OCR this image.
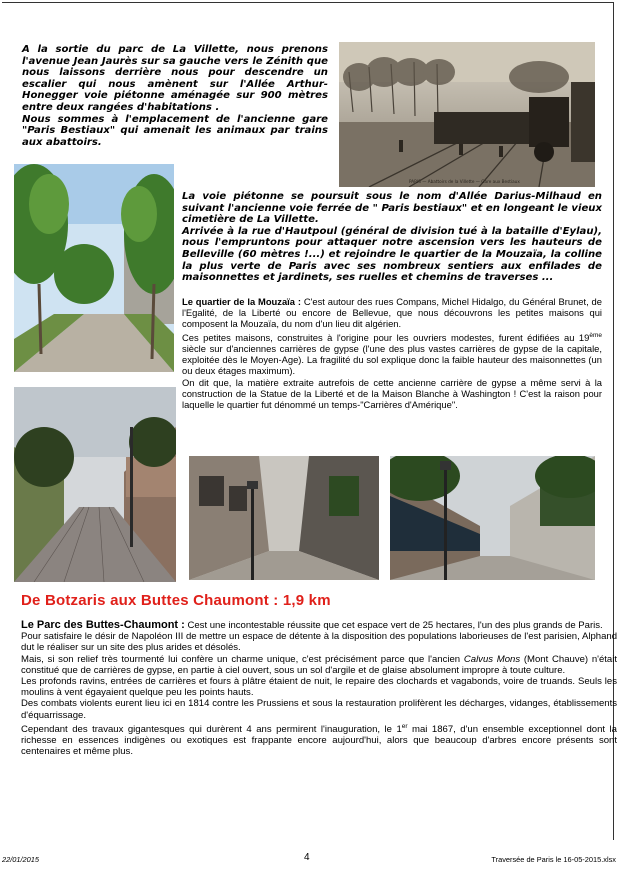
A la sortie du parc de La Villette, nous prenons l'avenue Jean Jaurès sur sa gauche vers le Zénith que nous laissons derrière nous pour descendre un escalier qui nous amènent sur l'Allée Arthur-Honegger voie piétonne aménagée sur 900 mètres entre deux rangées d'habitations .
Nous sommes à l'emplacement de l'ancienne gare "Paris Bestiaux" qui amenait les animaux par trains aux abattoirs.
PARIS — Abattoirs de la Villette — Gare aux Bestiaux
La voie piétonne se poursuit sous le nom d'Allée Darius-Milhaud en suivant l'ancienne voie ferrée de " Paris bestiaux" et en longeant le vieux cimetière de La Villette.
Arrivée à la rue d'Hautpoul (général de division tué à la bataille d'Eylau), nous l'empruntons pour attaquer notre ascension vers les hauteurs de Belleville (60 mètres !...) et rejoindre le quartier de la Mouzaïa, la colline la plus verte de Paris avec ses nombreux sentiers aux enfilades de maisonnettes et jardinets, ses ruelles et chemins de traverses ...
Le quartier de la Mouzaïa : C'est autour des rues Compans, Michel Hidalgo, du Général Brunet, de l'Egalité, de la Liberté ou encore de Bellevue, que nous découvrons les petites maisons qui composent la Mouzaïa, du nom d'un lieu dit algérien.
Ces petites maisons, construites à l'origine pour les ouvriers modestes, furent édifiées au 19ème siècle sur d'anciennes carrières de gypse (l'une des plus vastes carrières de gypse de la capitale, exploitée dès le Moyen-Age). La fragilité du sol explique donc la faible hauteur des maisonnettes (un ou deux étages maximum).
On dit que, la matière extraite autrefois de cette ancienne carrière de gypse a même servi à la construction de la Statue de la Liberté et de la Maison Blanche à Washington ! C'est la raison pour laquelle le quartier fut dénommé un temps-"Carrières d'Amérique".
De Botzaris aux Buttes Chaumont : 1,9 km
Le Parc des Buttes-Chaumont : Cest une incontestable réussite que cet espace vert de 25 hectares, l'un des plus grands de Paris.
Pour satisfaire le désir de Napoléon III de mettre un espace de détente à la disposition des populations laborieuses de l'est parisien, Alphand dut le réaliser sur un site des plus arides et désolés.
Mais, si son relief très tourmenté lui confère un charme unique, c'est précisément parce que l'ancien Calvus Mons (Mont Chauve) n'était constitué que de carrières de gypse, en partie à ciel ouvert, sous un sol d'argile et de glaise absolument impropre à toute culture.
Les profonds ravins, entrées de carrières et fours à plâtre étaient de nuit, le repaire des clochards et vagabonds, voire de truands. Seuls les moulins à vent égayaient quelque peu les points hauts.
Des combats violents eurent lieu ici en 1814 contre les Prussiens et sous la restauration prolifèrent les décharges, vidanges, établissements d'équarrissage.
Cependant des travaux gigantesques qui durèrent 4 ans permirent l'inauguration, le 1er mai 1867, d'un ensemble exceptionnel dont la richesse en essences indigènes ou exotiques est frappante encore aujourd'hui, alors que beaucoup d'arbres encore présents sont centenaires et même plus.
22/01/2015	4	Traversée de Paris le 16-05-2015.xlsx
